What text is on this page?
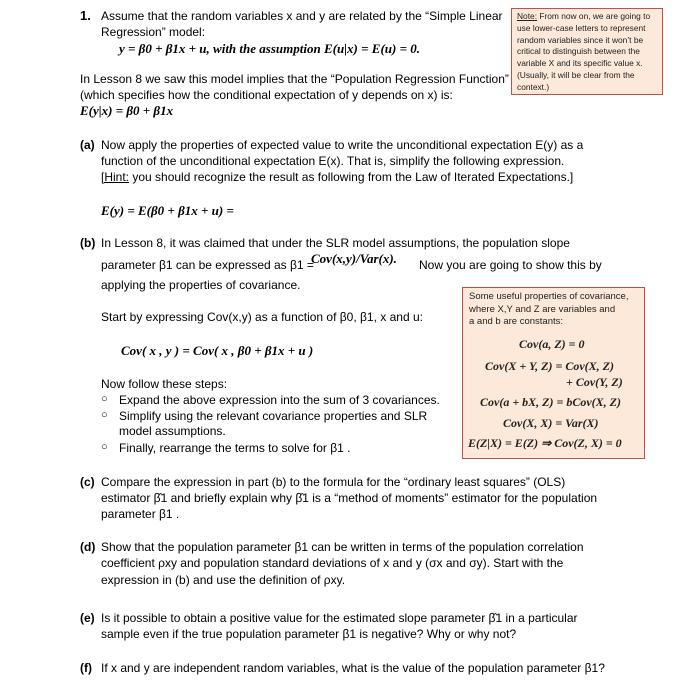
1. Assume that the random variables x and y are related by the “Simple Linear
Regression” model:
y = β0 + β1x + u, with the assumption E(u|x) = E(u) = 0.
In Lesson 8 we saw this model implies that the “Population Regression Function”
(which specifies how the conditional expectation of y depends on x) is:
E(y|x) = β0 + β1x
Note: From now on, we are going to use lower-case letters to represent random variables since it won’t be critical to distinguish between the variable X and its specific value x. (Usually, it will be clear from the context.)
(a) Now apply the properties of expected value to write the unconditional expectation E(y) as a
function of the unconditional expectation E(x). That is, simplify the following expression.
[Hint: you should recognize the result as following from the Law of Iterated Expectations.]
E(y) = E(β0 + β1x + u) =
(b) In Lesson 8, it was claimed that under the SLR model assumptions, the population slope
parameter β1 can be expressed as β1 =
Cov(x,y)/Var(x). Now you are going to show this by
applying the properties of covariance.
Start by expressing Cov(x,y) as a function of β0, β1, x and u:
Cov( x , y ) = Cov( x , β0 + β1x + u )
Now follow these steps:
○ Expand the above expression into the sum of 3 covariances.
○ Simplify using the relevant covariance properties and SLR
model assumptions.
○ Finally, rearrange the terms to solve for β1 .
Some useful properties of covariance,
where X,Y and Z are variables and
a and b are constants:
Cov(a, Z) = 0
Cov(X + Y, Z) = Cov(X, Z)
+ Cov(Y, Z)
Cov(a + bX, Z) = bCov(X, Z)
Cov(X, X) = Var(X)
E(Z|X) = E(Z) ⇒ Cov(Z, X) = 0
(c) Compare the expression in part (b) to the formula for the “ordinary least squares” (OLS)
estimator β̂1 and briefly explain why β̂1 is a “method of moments” estimator for the population
parameter β1 .
(d) Show that the population parameter β1 can be written in terms of the population correlation
coefficient ρxy and population standard deviations of x and y (σx and σy). Start with the
expression in (b) and use the definition of ρxy.
(e) Is it possible to obtain a positive value for the estimated slope parameter β̂1 in a particular
sample even if the true population parameter β1 is negative? Why or why not?
(f) If x and y are independent random variables, what is the value of the population parameter β1?
